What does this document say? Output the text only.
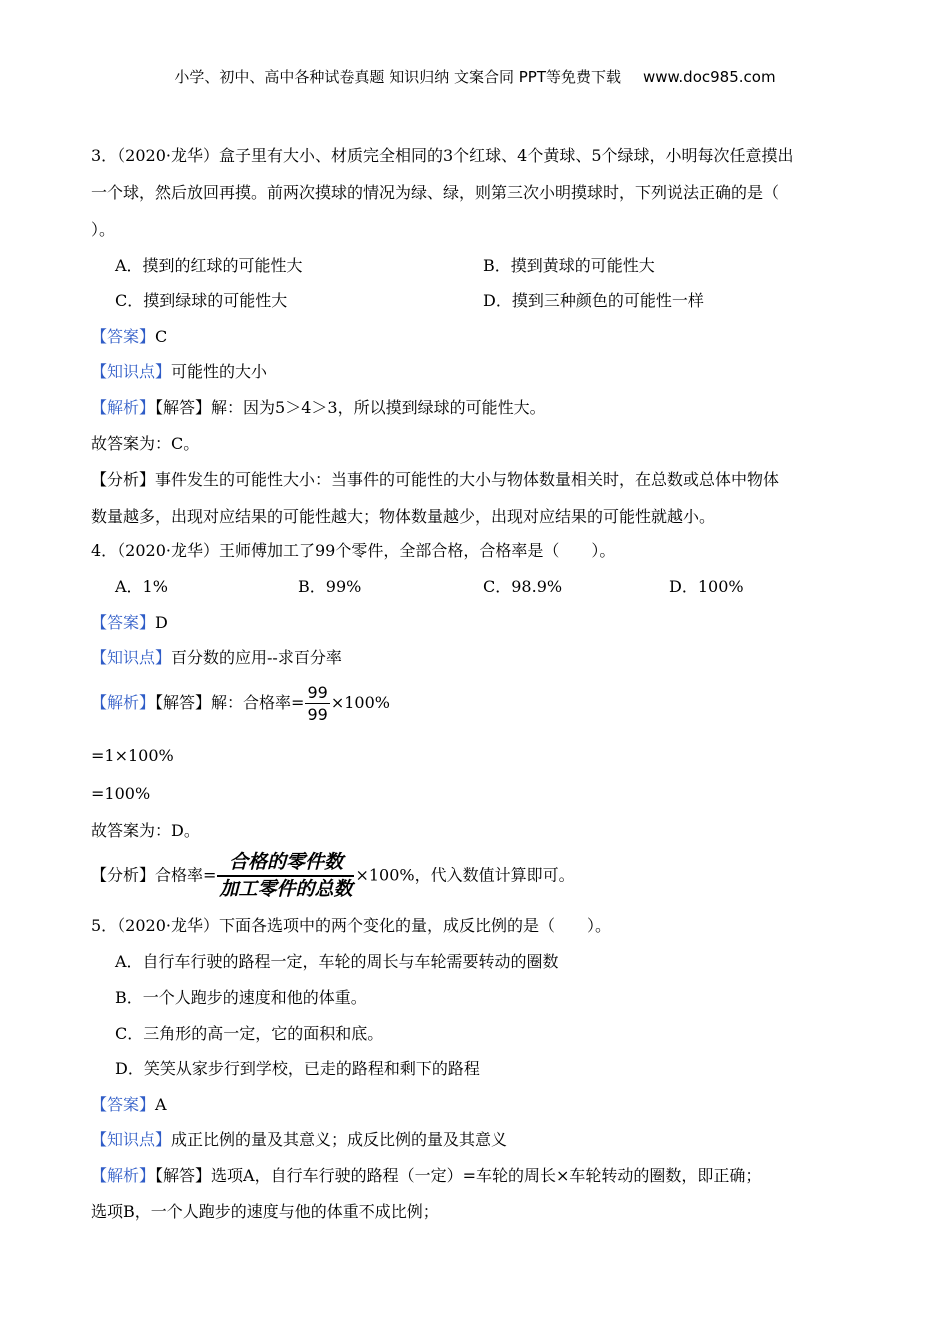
小学、初中、高中各种试卷真题 知识归纳 文案合同 PPT等免费下载 www.doc985.com
3．（2020·龙华）盒子里有大小、材质完全相同的3个红球、4个黄球、5个绿球，小明每次任意摸出
一个球，然后放回再摸。前两次摸球的情况为绿、绿，则第三次小明摸球时，下列说法正确的是（
）。
A．摸到的红球的可能性大	B．摸到黄球的可能性大
C．摸到绿球的可能性大	D．摸到三种颜色的可能性一样
【答案】C
【知识点】可能性的大小
【解析】【解答】解：因为5＞4＞3，所以摸到绿球的可能性大。
故答案为：C。
【分析】事件发生的可能性大小：当事件的可能性的大小与物体数量相关时，在总数或总体中物体
数量越多，出现对应结果的可能性越大；物体数量越少，出现对应结果的可能性就越小。
4．（2020·龙华）王师傅加工了99个零件，全部合格，合格率是（　　）。
A．1%	B．99%	C．98.9%	D．100%
【答案】D
【知识点】百分数的应用--求百分率
【解析】【解答】解：合格率= $\frac{99}{99} \times 100\%$
=1×100%
=100%
故答案为：D。
【分析】合格率= $\frac{\text{合格的零件数}}{\text{加工零件的总数}} \times 100\%$，代入数值计算即可。
5．（2020·龙华）下面各选项中的两个变化的量，成反比例的是（　　）。
A．自行车行驶的路程一定，车轮的周长与车轮需要转动的圈数
B．一个人跑步的速度和他的体重。
C．三角形的高一定，它的面积和底。
D．笑笑从家步行到学校，已走的路程和剩下的路程
【答案】A
【知识点】成正比例的量及其意义；成反比例的量及其意义
【解析】【解答】选项A，自行车行驶的路程（一定）=车轮的周长×车轮转动的圈数，即正确；
选项B，一个人跑步的速度与他的体重不成比例；
